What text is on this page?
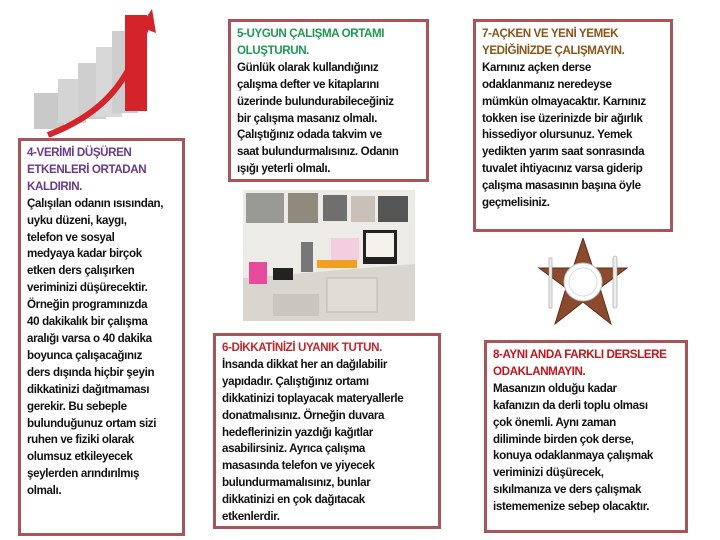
4-VERİMİ DÜŞÜREN
ETKENLERİ ORTADAN
KALDIRIN.
Çalışılan odanın ısısından,
uyku düzeni, kaygı,
telefon ve sosyal
medyaya kadar birçok
etken ders çalışırken
veriminizi düşürecektir.
Örneğin programınızda
40 dakikalık bir çalışma
aralığı varsa o 40 dakika
boyunca çalışacağınız
ders dışında hiçbir şeyin
dikkatinizi dağıtmaması
gerekir. Bu sebeple
bulunduğunuz ortam sizi
ruhen ve fiziki olarak
olumsuz etkileyecek
şeylerden arındırılmış
olmalı.
5-UYGUN ÇALIŞMA ORTAMI
OLUŞTURUN.
Günlük olarak kullandığınız
çalışma defter ve kitaplarını
üzerinde bulundurabileceğiniz
bir çalışma masanız olmalı.
Çalıştığınız odada takvim ve
saat bulundurmalısınız. Odanın
ışığı yeterli olmalı.
6-DİKKATİNİZİ UYANIK TUTUN.
İnsanda dikkat her an dağılabilir
yapıdadır. Çalıştığınız ortamı
dikkatinizi toplayacak materyallerle
donatmalısınız. Örneğin duvara
hedeflerinizin yazdığı kağıtlar
asabilirsiniz. Ayrıca çalışma
masasında telefon ve yiyecek
bulundurmamalısınız, bunlar
dikkatinizi en çok dağıtacak
etkenlerdir.
7-AÇKEN VE YENİ YEMEK
YEDİĞİNİZDE ÇALIŞMAYIN.
Karnınız açken derse
odaklanmanız neredeyse
mümkün olmayacaktır. Karnınız
tokken ise üzerinizde bir ağırlık
hissediyor olursunuz. Yemek
yedikten yarım saat sonrasında
tuvalet ihtiyacınız varsa giderip
çalışma masasının başına öyle
geçmelisiniz.
8-AYNI ANDA FARKLI DERSLERE
ODAKLANMAYIN.
Masanızın olduğu kadar
kafanızın da derli toplu olması
çok önemli. Aynı zaman
diliminde birden çok derse,
konuya odaklanmaya çalışmak
veriminizi düşürecek,
sıkılmanıza ve ders çalışmak
istememenize sebep olacaktır.
